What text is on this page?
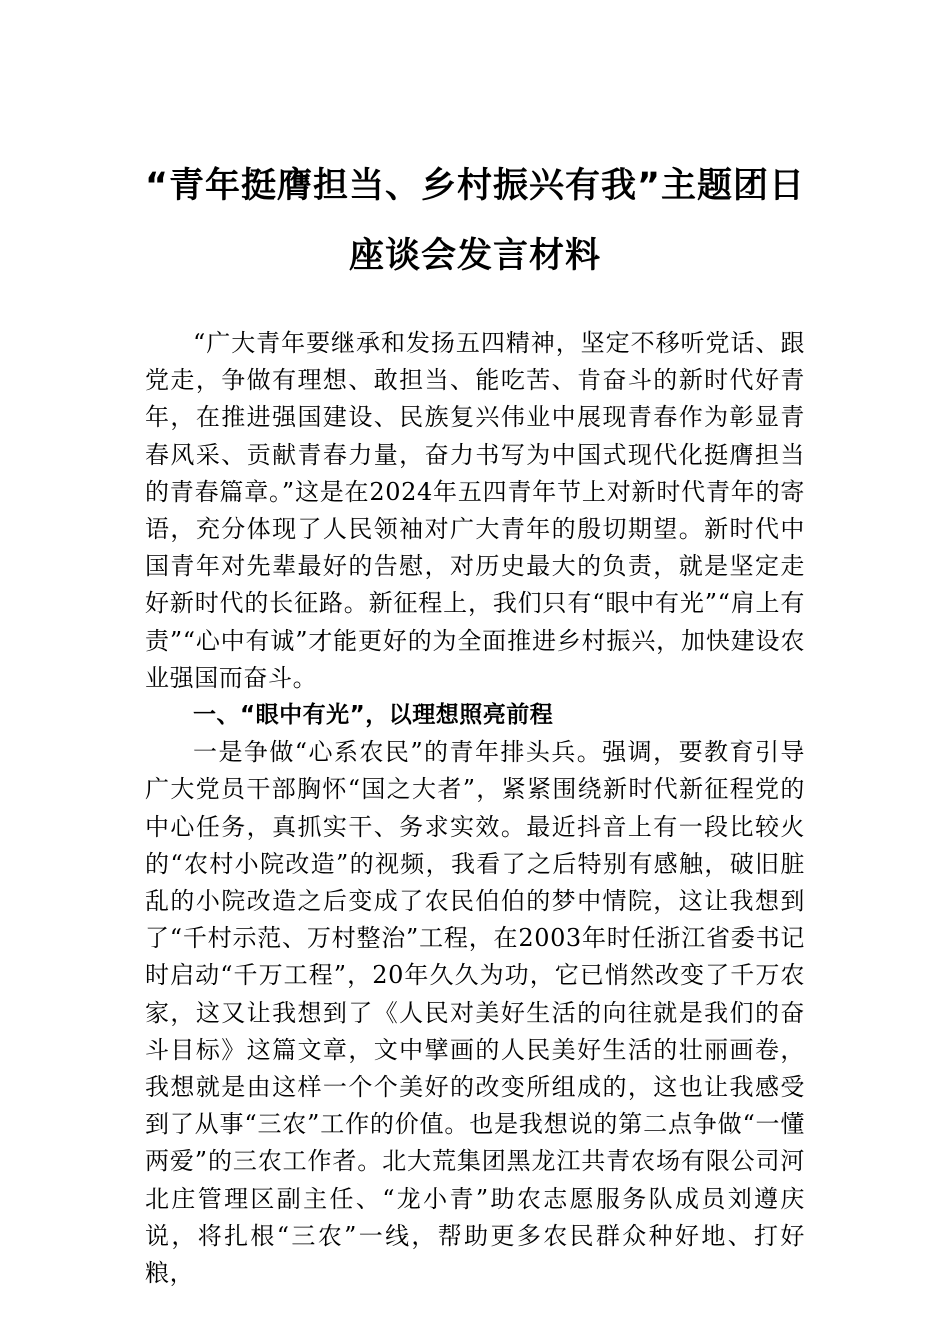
“青年挺膺担当、乡村振兴有我”主题团日
座谈会发言材料

“广大青年要继承和发扬五四精神，坚定不移听党话、跟党走，争做有理想、敢担当、能吃苦、肯奋斗的新时代好青年，在推进强国建设、民族复兴伟业中展现青春作为彰显青春风采、贡献青春力量，奋力书写为中国式现代化挺膺担当的青春篇章。”这是在2024年五四青年节上对新时代青年的寄语，充分体现了人民领袖对广大青年的殷切期望。新时代中国青年对先辈最好的告慰，对历史最大的负责，就是坚定走好新时代的长征路。新征程上，我们只有“眼中有光”“肩上有责”“心中有诚”才能更好的为全面推进乡村振兴，加快建设农业强国而奋斗。

一、“眼中有光”，以理想照亮前程

一是争做“心系农民”的青年排头兵。强调，要教育引导广大党员干部胸怀“国之大者”，紧紧围绕新时代新征程党的中心任务，真抓实干、务求实效。最近抖音上有一段比较火的“农村小院改造”的视频，我看了之后特别有感触，破旧脏乱的小院改造之后变成了农民伯伯的梦中情院，这让我想到了“千村示范、万村整治”工程，在2003年时任浙江省委书记时启动“千万工程”，20年久久为功，它已悄然改变了千万农家，这又让我想到了《人民对美好生活的向往就是我们的奋斗目标》这篇文章，文中擘画的人民美好生活的壮丽画卷，我想就是由这样一个个美好的改变所组成的，这也让我感受到了从事“三农”工作的价值。也是我想说的第二点争做“一懂两爱”的三农工作者。北大荒集团黑龙江共青农场有限公司河北庄管理区副主任、“龙小青”助农志愿服务队成员刘遵庆说，将扎根“三农”一线，帮助更多农民群众种好地、打好粮，
